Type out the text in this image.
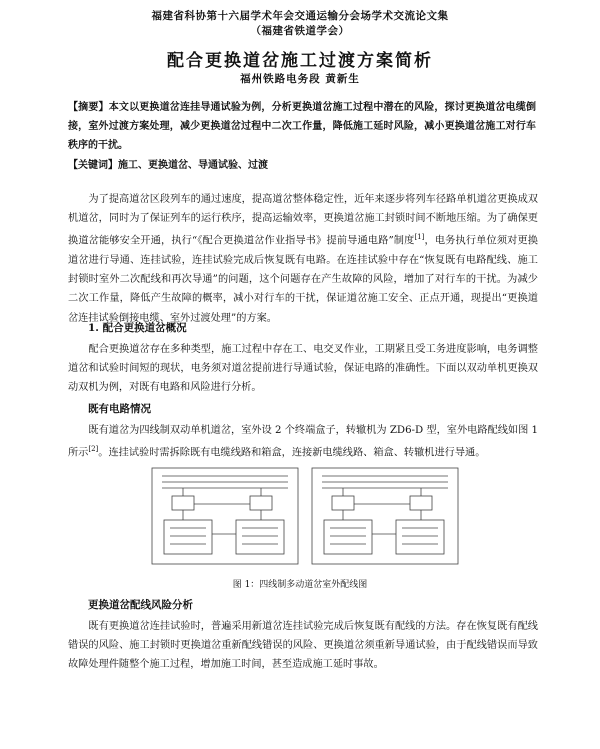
福建省科协第十六届学术年会交通运输分会场学术交流论文集
（福建省铁道学会）
配合更换道岔施工过渡方案简析
福州铁路电务段 黄新生
【摘要】本文以更换道岔连挂导通试验为例，分析更换道岔施工过程中潜在的风险，探讨更换道岔电缆倒接，室外过渡方案处理，减少更换道岔过程中二次工作量，降低施工延时风险，减小更换道岔施工对行车秩序的干扰。
【关键词】施工、更换道岔、导通试验、过渡
为了提高道岔区段列车的通过速度，提高道岔整体稳定性，近年来逐步将列车径路单机道岔更换成双机道岔，同时为了保证列车的运行秩序，提高运输效率，更换道岔施工封锁时间不断地压缩。为了确保更换道岔能够安全开通，执行“《配合更换道岔作业指导书》提前导通电路”制度[1]，电务执行单位须对更换道岔进行导通、连挂试验，连挂试验完成后恢复既有电路。在连挂试验中存在“恢复既有电路配线、施工封锁时室外二次配线和再次导通”的问题，这个问题存在产生故障的风险，增加了对行车的干扰。为减少二次工作量，降低产生故障的概率，减小对行车的干扰，保证道岔施工安全、正点开通，现提出“更换道岔连挂试验倒接电缆、室外过渡处理”的方案。
1. 配合更换道岔概况
配合更换道岔存在多种类型，施工过程中存在工、电交叉作业，工期紧且受工务进度影响，电务调整道岔和试验时间短的现状，电务须对道岔提前进行导通试验，保证电路的准确性。下面以双动单机更换双动双机为例，对既有电路和风险进行分析。
既有电路情况
既有道岔为四线制双动单机道岔，室外设 2 个终端盒子，转辙机为 ZD6-D 型，室外电路配线如图 1 所示[2]。连挂试验时需拆除既有电缆线路和箱盒，连接新电缆线路、箱盒、转辙机进行导通。
图 1：四线制多动道岔室外配线图
更换道岔配线风险分析
既有更换道岔连挂试验时，普遍采用新道岔连挂试验完成后恢复既有配线的方法。存在恢复既有配线错误的风险、施工封锁时更换道岔重新配线错误的风险、更换道岔须重新导通试验，由于配线错误而导致故障处理件随整个施工过程，增加施工时间，甚至造成施工延时事故。
